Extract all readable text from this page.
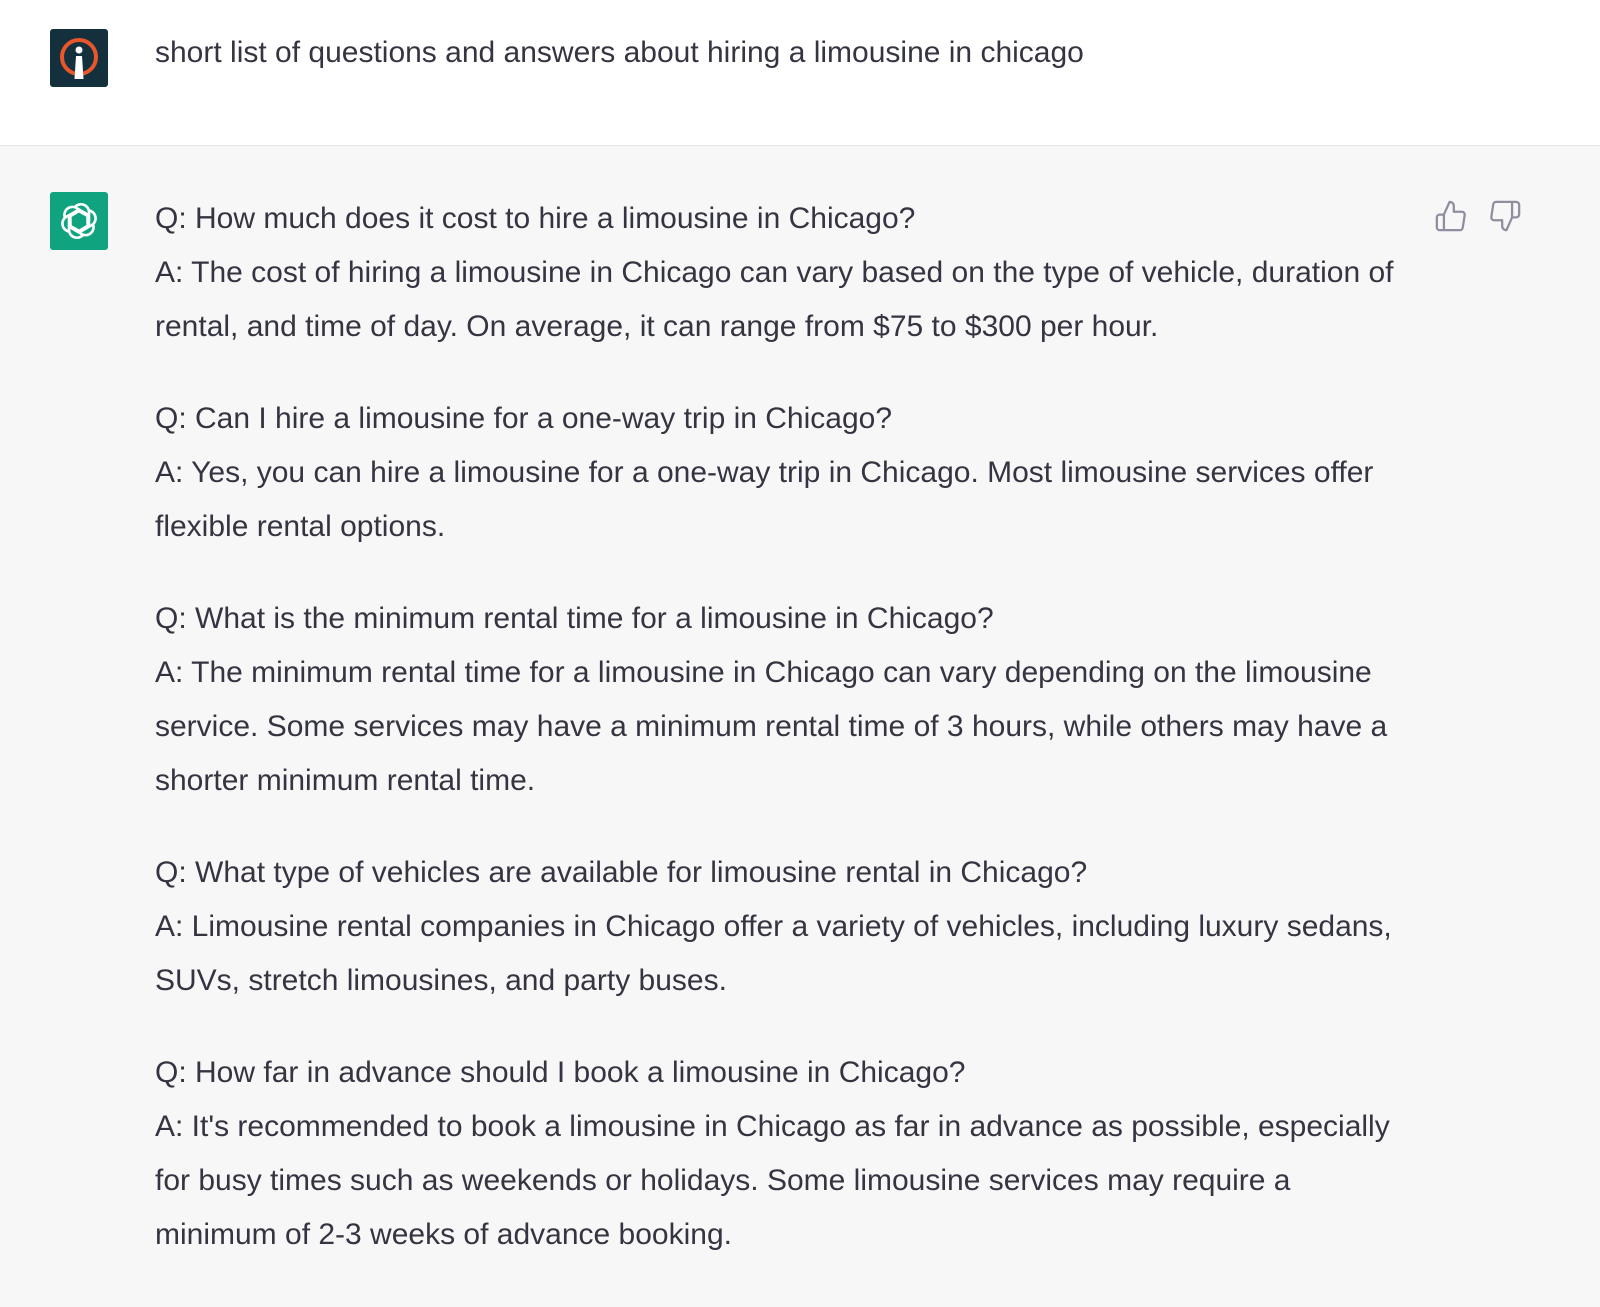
short list of questions and answers about hiring a limousine in chicago

Q: How much does it cost to hire a limousine in Chicago?

A: The cost of hiring a limousine in Chicago can vary based on the type of vehicle, duration of rental, and time of day. On average, it can range from $75 to $300 per hour.

Q: Can I hire a limousine for a one-way trip in Chicago?

A: Yes, you can hire a limousine for a one-way trip in Chicago. Most limousine services offer flexible rental options.

Q: What is the minimum rental time for a limousine in Chicago?

A: The minimum rental time for a limousine in Chicago can vary depending on the limousine service. Some services may have a minimum rental time of 3 hours, while others may have a shorter minimum rental time.

Q: What type of vehicles are available for limousine rental in Chicago?

A: Limousine rental companies in Chicago offer a variety of vehicles, including luxury sedans, SUVs, stretch limousines, and party buses.

Q: How far in advance should I book a limousine in Chicago?

A: It's recommended to book a limousine in Chicago as far in advance as possible, especially for busy times such as weekends or holidays. Some limousine services may require a minimum of 2-3 weeks of advance booking.
